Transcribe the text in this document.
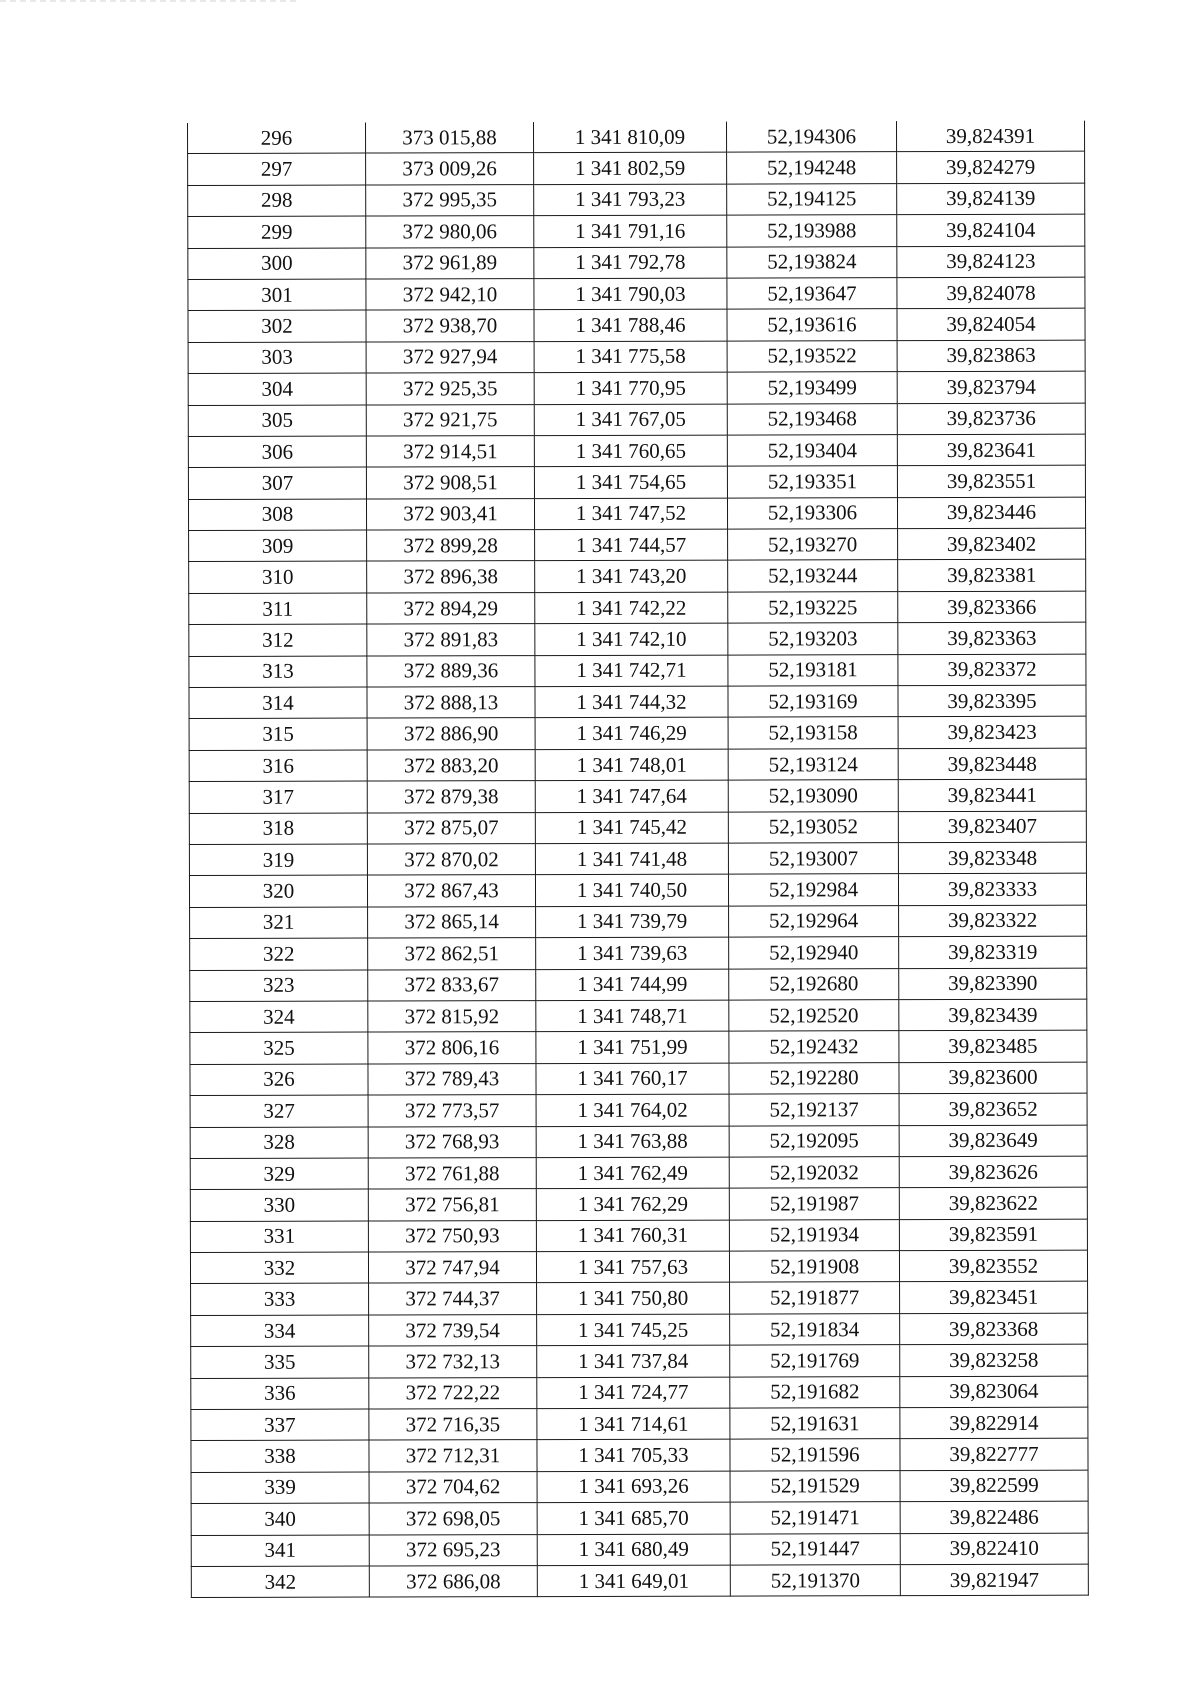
296	373 015,88	1 341 810,09	52,194306	39,824391
297	373 009,26	1 341 802,59	52,194248	39,824279
298	372 995,35	1 341 793,23	52,194125	39,824139
299	372 980,06	1 341 791,16	52,193988	39,824104
300	372 961,89	1 341 792,78	52,193824	39,824123
301	372 942,10	1 341 790,03	52,193647	39,824078
302	372 938,70	1 341 788,46	52,193616	39,824054
303	372 927,94	1 341 775,58	52,193522	39,823863
304	372 925,35	1 341 770,95	52,193499	39,823794
305	372 921,75	1 341 767,05	52,193468	39,823736
306	372 914,51	1 341 760,65	52,193404	39,823641
307	372 908,51	1 341 754,65	52,193351	39,823551
308	372 903,41	1 341 747,52	52,193306	39,823446
309	372 899,28	1 341 744,57	52,193270	39,823402
310	372 896,38	1 341 743,20	52,193244	39,823381
311	372 894,29	1 341 742,22	52,193225	39,823366
312	372 891,83	1 341 742,10	52,193203	39,823363
313	372 889,36	1 341 742,71	52,193181	39,823372
314	372 888,13	1 341 744,32	52,193169	39,823395
315	372 886,90	1 341 746,29	52,193158	39,823423
316	372 883,20	1 341 748,01	52,193124	39,823448
317	372 879,38	1 341 747,64	52,193090	39,823441
318	372 875,07	1 341 745,42	52,193052	39,823407
319	372 870,02	1 341 741,48	52,193007	39,823348
320	372 867,43	1 341 740,50	52,192984	39,823333
321	372 865,14	1 341 739,79	52,192964	39,823322
322	372 862,51	1 341 739,63	52,192940	39,823319
323	372 833,67	1 341 744,99	52,192680	39,823390
324	372 815,92	1 341 748,71	52,192520	39,823439
325	372 806,16	1 341 751,99	52,192432	39,823485
326	372 789,43	1 341 760,17	52,192280	39,823600
327	372 773,57	1 341 764,02	52,192137	39,823652
328	372 768,93	1 341 763,88	52,192095	39,823649
329	372 761,88	1 341 762,49	52,192032	39,823626
330	372 756,81	1 341 762,29	52,191987	39,823622
331	372 750,93	1 341 760,31	52,191934	39,823591
332	372 747,94	1 341 757,63	52,191908	39,823552
333	372 744,37	1 341 750,80	52,191877	39,823451
334	372 739,54	1 341 745,25	52,191834	39,823368
335	372 732,13	1 341 737,84	52,191769	39,823258
336	372 722,22	1 341 724,77	52,191682	39,823064
337	372 716,35	1 341 714,61	52,191631	39,822914
338	372 712,31	1 341 705,33	52,191596	39,822777
339	372 704,62	1 341 693,26	52,191529	39,822599
340	372 698,05	1 341 685,70	52,191471	39,822486
341	372 695,23	1 341 680,49	52,191447	39,822410
342	372 686,08	1 341 649,01	52,191370	39,821947
